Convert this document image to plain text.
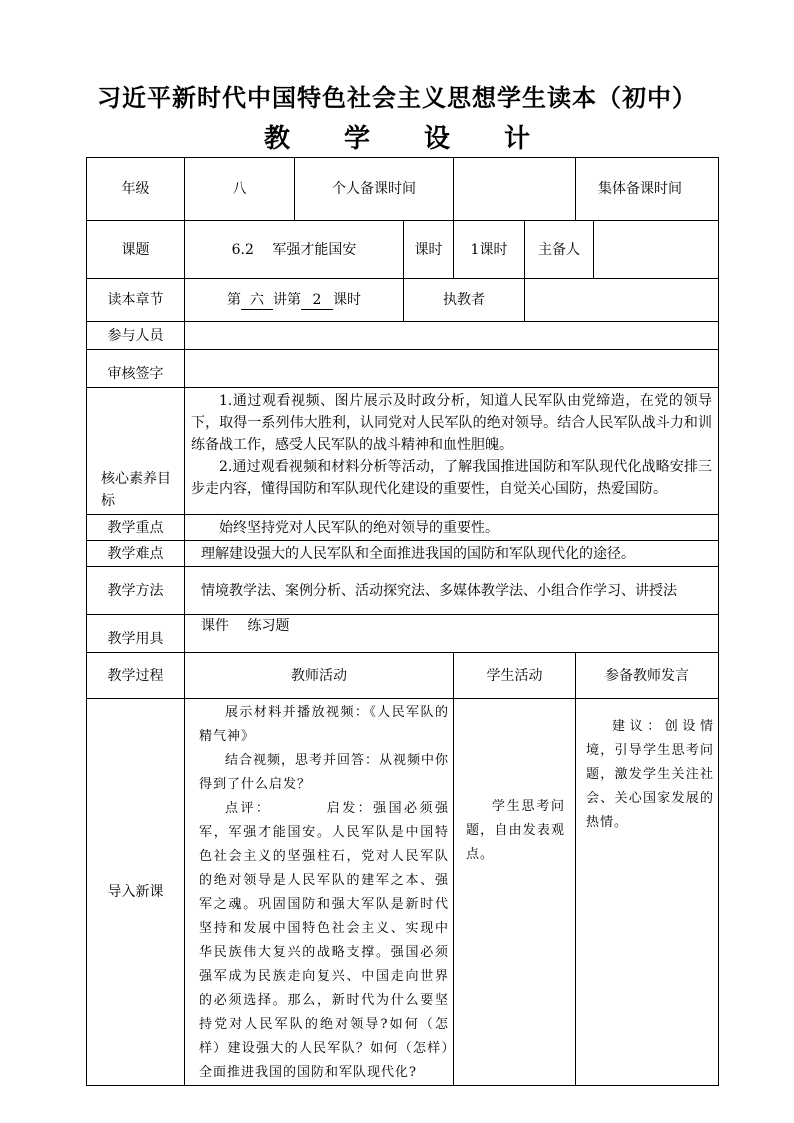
习近平新时代中国特色社会主义思想学生读本（初中）
教 学 设 计
年级	八	个人备课时间				集体备课时间	
课题	6.2　 军强才能国安		课时	1课时	主备人		
读本章节	第 六 讲第 2 课时		执教者				
参与人员							
审核签字							
核心素养目标	1.通过观看视频、图片展示及时政分析，知道人民军队由党缔造，在党的领导下，取得一系列伟大胜利，认同党对人民军队的绝对领导。结合人民军队战斗力和训练备战工作，感受人民军队的战斗精神和血性胆魄。

2.通过观看视频和材料分析等活动，了解我国推进国防和军队现代化战略安排三步走内容，懂得国防和军队现代化建设的重要性，自觉关心国防，热爱国防。						

教学重点	始终坚持党对人民军队的绝对领导的重要性。						
教学难点	理解建设强大的人民军队和全面推进我国的国防和军队现代化的途径。						
教学方法	情境教学法、案例分析、活动探究法、多媒体教学法、小组合作学习、讲授法						
教学用具	课件　 练习题						
教学过程	教师活动			学生活动		参备教师发言	
导入新课	展示材料并播放视频：《人民军队的精气神》

结合视频，思考并回答：从视频中你得到了什么启发？

点评：　　　　启发：强国必须强军，军强才能国安。人民军队是中国特色社会主义的坚强柱石，党对人民军队的绝对领导是人民军队的建军之本、强军之魂。巩固国防和强大军队是新时代坚持和发展中国特色社会主义、实现中华民族伟大复兴的战略支撑。强国必须强军成为民族走向复兴、中国走向世界的必须选择。那么，新时代为什么要坚持党对人民军队的绝对领导?如何（怎样）建设强大的人民军队？如何（怎样）全面推进我国的国防和军队现代化?			学生思考问题，自由发表观点。		建议：创设情境，引导学生思考问题，激发学生关注社会、关心国家发展的热情。	
